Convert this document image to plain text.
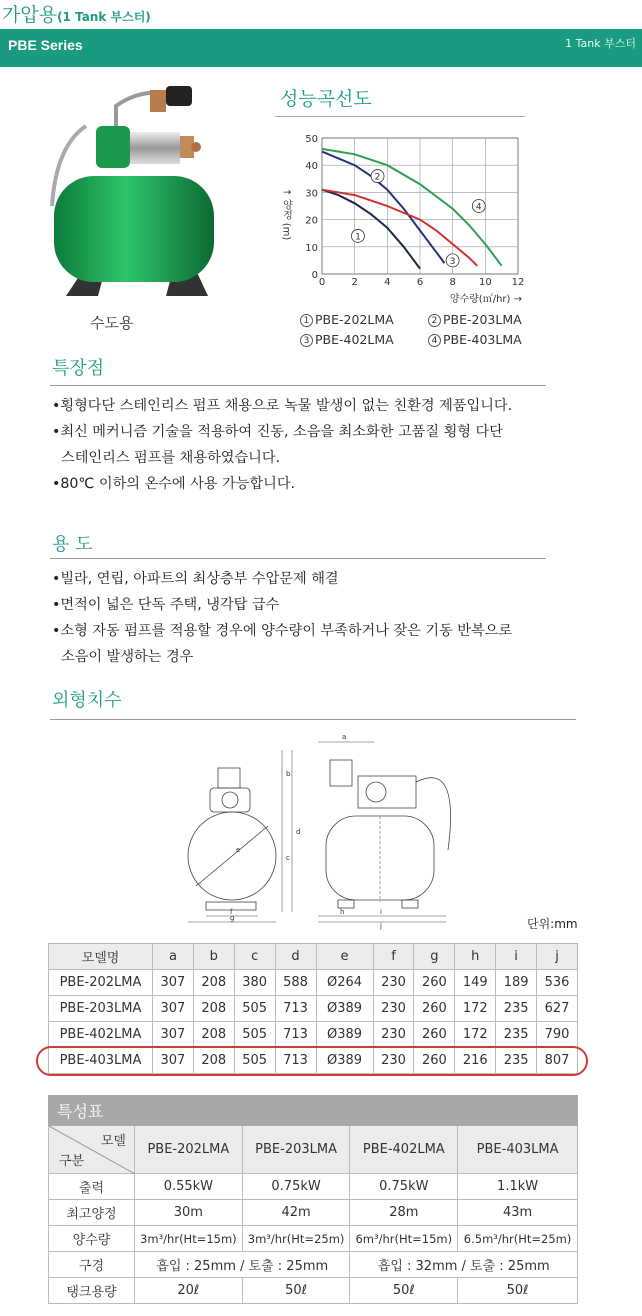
가압용(1 Tank 부스터)
PBE Series	1 Tank 부스터
수도용
성능곡선도
0	2	4	6	8 10 12
0
10
20
30
40
50
↑ 양정 (m)
양수량(㎥/hr) →
1
2
3
4
1 PBE-202LMA	2 PBE-203LMA
3 PBE-402LMA	4 PBE-403LMA
특장점
•횡형다단 스테인리스 펌프 채용으로 녹물 발생이 없는 친환경 제품입니다.
•최신 메커니즘 기술을 적용하여 진동, 소음을 최소화한 고품질 횡형 다단
스테인리스 펌프를 채용하였습니다.
•80℃ 이하의 온수에 사용 가능합니다.
용 도
•빌라, 연립, 아파트의 최상층부 수압문제 해결
•면적이 넓은 단독 주택, 냉각탑 급수
•소형 자동 펌프를 적용할 경우에 양수량이 부족하거나 잦은 기동 반복으로
소음이 발생하는 경우
외형치수
a
b
c
d
e
f
g
h	i
j	단위:mm
모델명	a	b	c	d	e	f	g	h	i	j
PBE-202LMA	307	208	380	588	Ø264	230	260	149	189	536
PBE-203LMA	307	208	505	713	Ø389	230	260	172	235	627
PBE-402LMA	307	208	505	713	Ø389	230	260	172	235	790
PBE-403LMA	307	208	505	713	Ø389	230	260	216	235	807
특성표				

모델
구분	PBE-202LMA	PBE-203LMA	PBE-402LMA	PBE-403LMA
출력	0.55kW	0.75kW	0.75kW	1.1kW
최고양정	30m	42m	28m	43m
양수량	3m³/hr(Ht=15m)	3m³/hr(Ht=25m)	6m³/hr(Ht=15m)	6.5m³/hr(Ht=25m)
구경	흡입 : 25mm / 토출 : 25mm		흡입 : 32mm / 토출 : 25mm	
탱크용량	20ℓ	50ℓ	50ℓ	50ℓ
